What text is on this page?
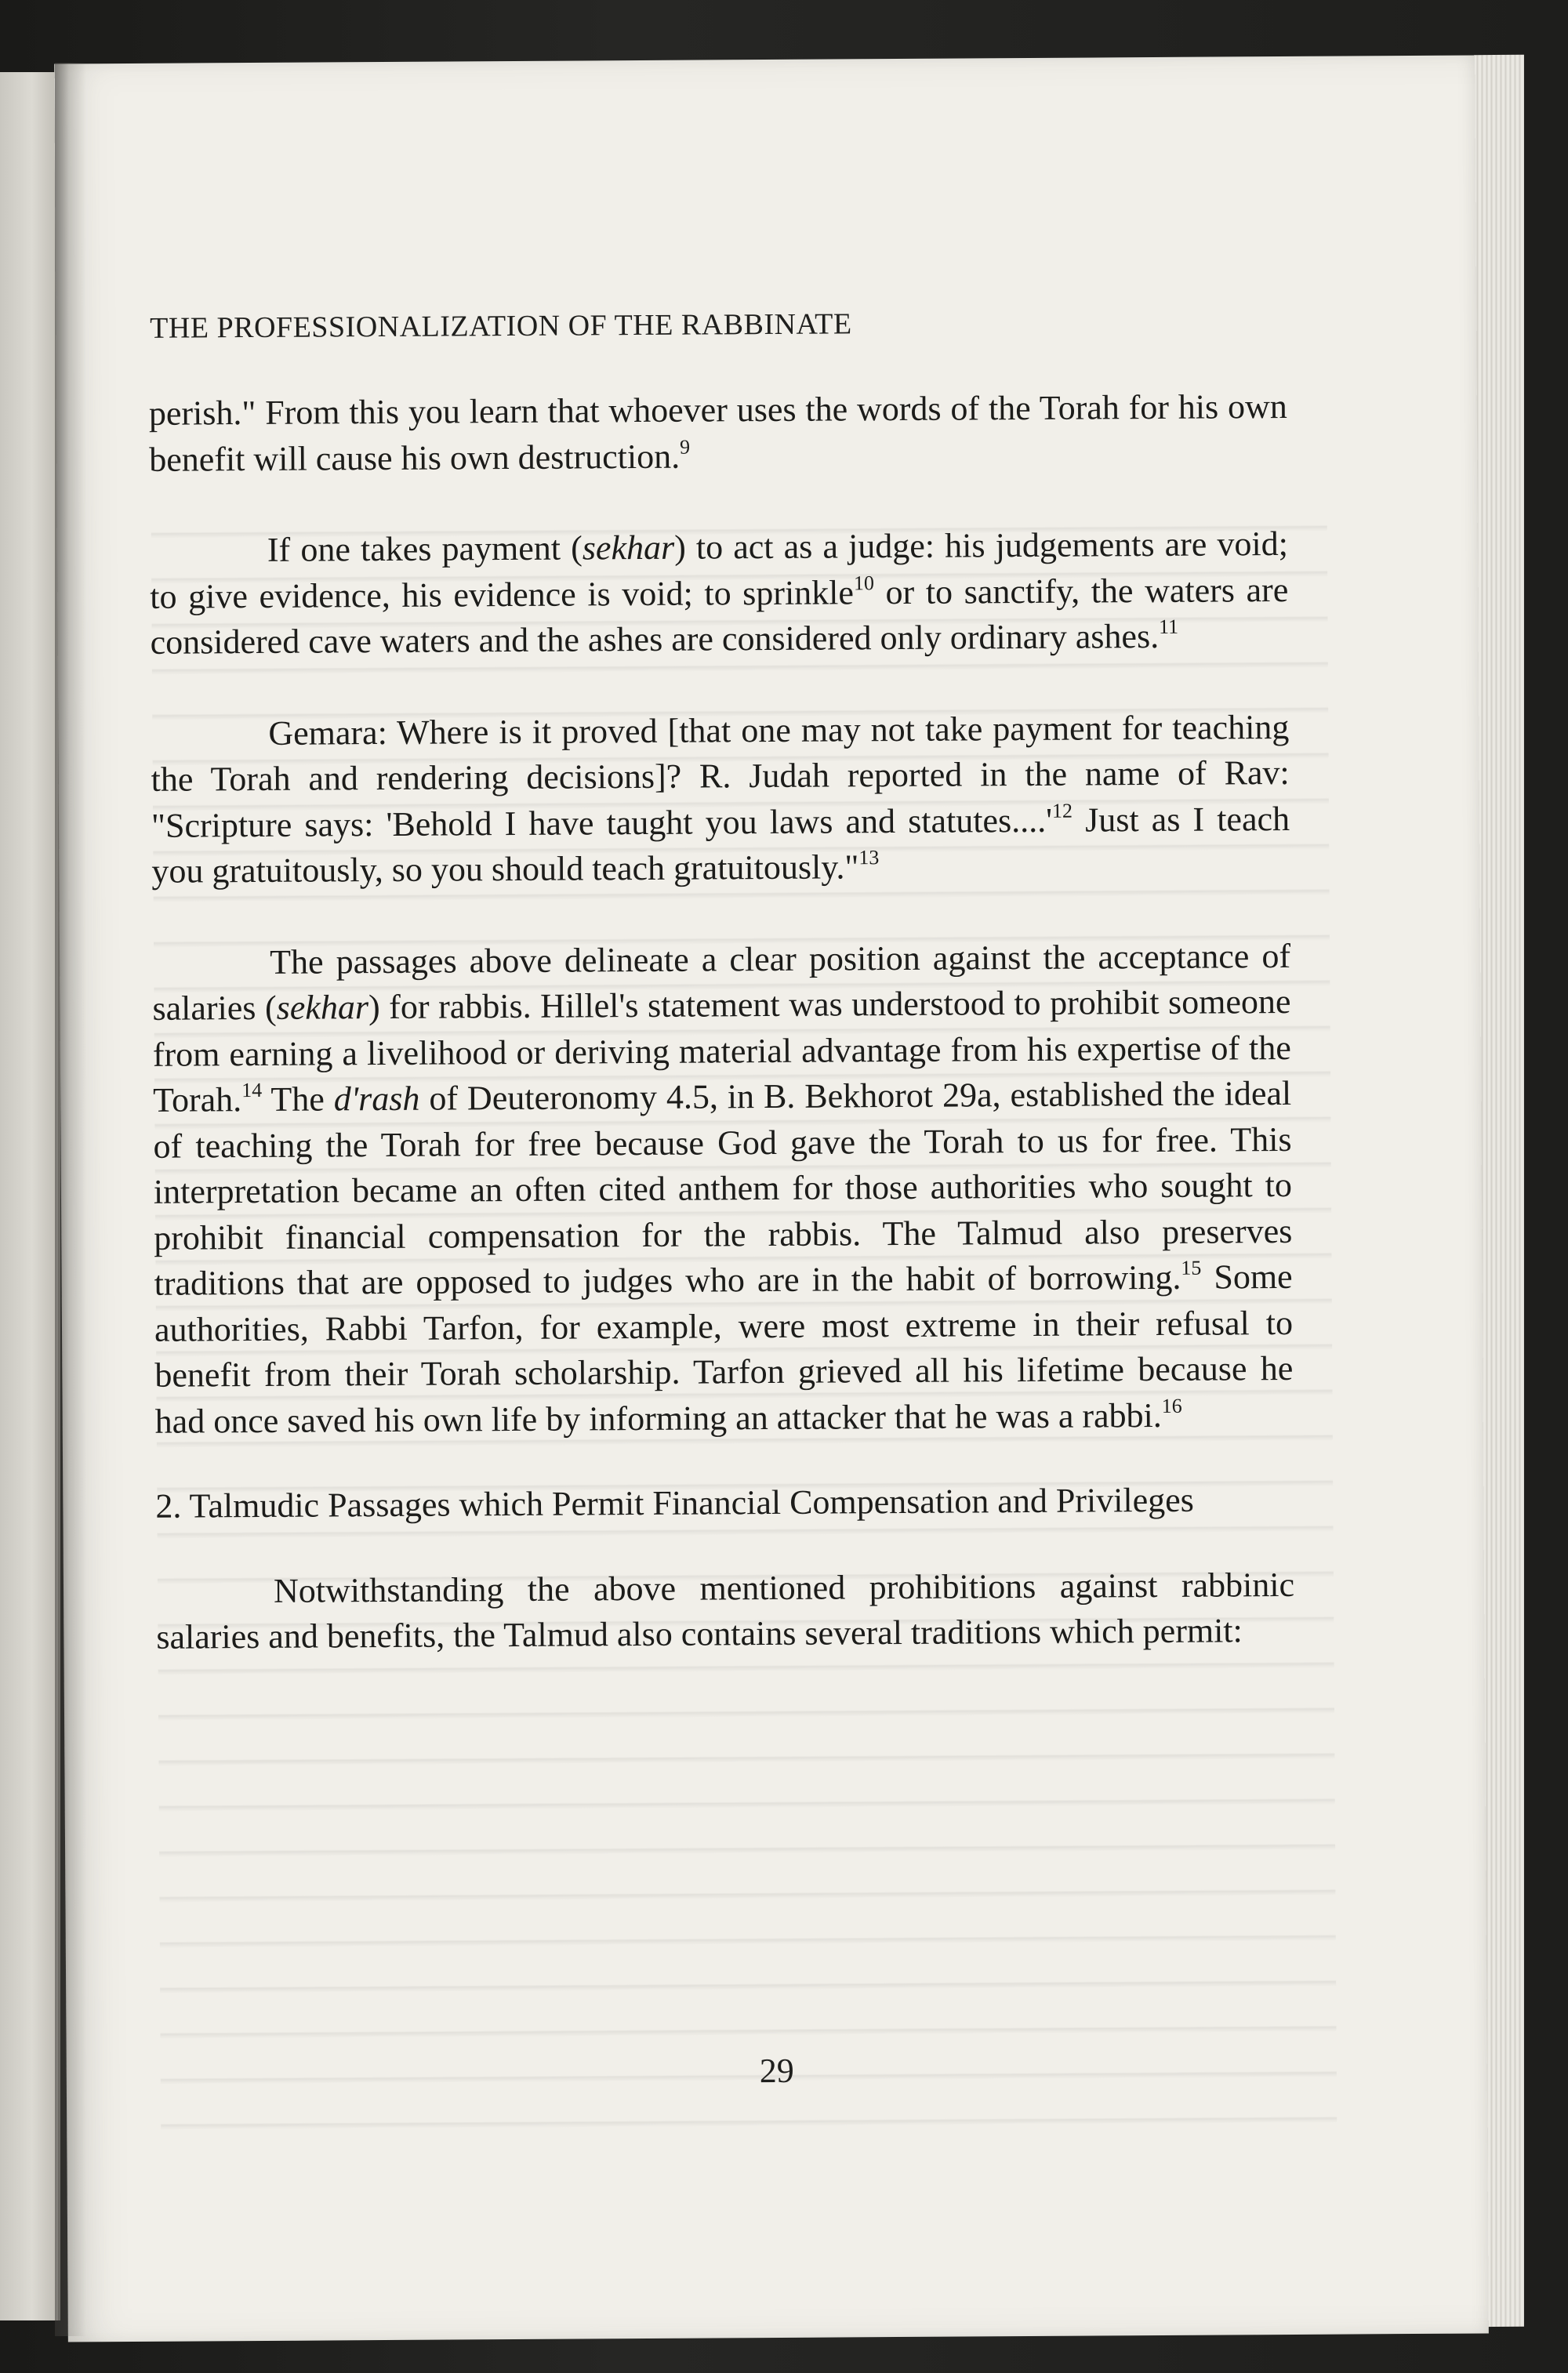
THE PROFESSIONALIZATION OF THE RABBINATE

perish." From this you learn that whoever uses the words of the Torah for his own benefit will cause his own destruction.$^9$

If one takes payment (sekhar) to act as a judge: his judgements are void; to give evidence, his evidence is void; to sprinkle$^{10}$ or to sanctify, the waters are considered cave waters and the ashes are considered only ordinary ashes.$^{11}$

Gemara: Where is it proved [that one may not take payment for teaching the Torah and rendering decisions]? R. Judah reported in the name of Rav: "Scripture says: 'Behold I have taught you laws and $statutes....'^{12}$ Just as I teach you gratuitously, so you should teach gratuitously."$^{13}$

The passages above delineate a clear position against the acceptance of salaries (sekhar) for rabbis. Hillel's statement was understood to prohibit someone from earning a livelihood or deriving material advantage from his expertise of the Torah.$^{14}$ The d'rash of Deuteronomy 4.5, in B. Bekhorot 29a, established the ideal of teaching the Torah for free because God gave the Torah to us for free. This interpretation became an often cited anthem for those authorities who sought to prohibit financial compensation for the rabbis. The Talmud also preserves traditions that are opposed to judges who are in the habit of borrowing.$^{15}$ Some authorities, Rabbi Tarfon, for example, were most extreme in their refusal to benefit from their Torah scholarship. Tarfon grieved all his lifetime because he had once saved his own life by informing an attacker that he was a rabbi.$^{16}$

2. Talmudic Passages which Permit Financial Compensation and Privileges

Notwithstanding the above mentioned prohibitions against rabbinic salaries and benefits, the Talmud also contains several traditions which permit:

29
